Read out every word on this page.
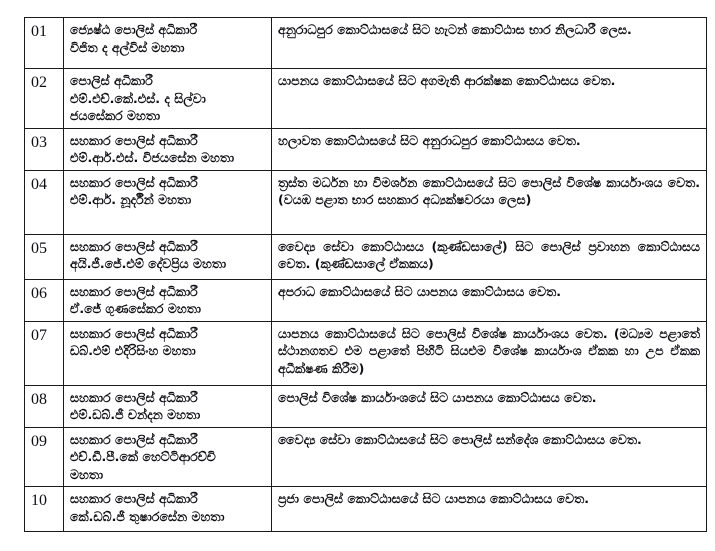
01	ජ්‍යෙෂ්ඨ පොලිස් අධිකාරී
විජිත ද අල්විස් මහතා	අනුරාධපුර කොට්ඨාසයේ සිට හැටන් කොට්ඨාස භාර නිලධාරී ලෙස.
02	පොලිස් අධිකාරී
එම්.එච්.කේ.එස්. ද සිල්වා
ජයසේකර මහතා	යාපනය කොට්ඨාසයේ සිට අගමැති ආරක්ෂක කොට්ඨාසය වෙත.
03	සහකාර පොලිස් අධිකාරී
එම්.ආර්.එස්. විජයසේන මහතා	හලාවත කොට්ඨාසයේ සිට අනුරාධපුර කොට්ඨාසය වෙත.
04	සහකාර පොලිස් අධිකාරී
එම්.ආර්. නූර්දීන් මහතා	ත්‍රස්ත මර්ධන හා විමර්ශන කොට්ඨාසයේ සිට පොලිස් විශේෂ කාර්යාංශය වෙත. (වයඹ පළාත භාර සහකාර අධ්‍යක්ෂවරයා ලෙස)
05	සහකාර පොලිස් අධිකාරී
අයි.ජී.ජේ.එම් දේවප්‍රිය මහතා	වෛද්‍ය සේවා කොට්ඨාසය (කුණ්ඩසාලේ) සිට පොලිස් ප්‍රවාහන කොට්ඨාසය වෙත. (කුණ්ඩසාලේ ඒකකය)
06	සහකාර පොලිස් අධිකාරී
ඒ.ජේ ගුණසේකර මහතා	අපරාධ කොට්ඨාසයේ සිට යාපනය කොට්ඨාසය වෙත.
07	සහකාර පොලිස් අධිකාරී
ඩබ්.එම් එදිරිසිංහ මහතා	යාපනය කොට්ඨාසයේ සිට පොලිස් විශේෂ කාර්යාංශය වෙත. (මධ්‍යම පළාතේ ස්ථානගතව එම පළාතේ පිහිටි සියළුම විශේෂ කාර්යාංශ ඒකක හා උප ඒකක අධීක්ෂණ කිරීම)
08	සහකාර පොලිස් අධිකාරී
එම්.ඩබ්.ජී චන්දන මහතා	පොලිස් විශේෂ කාර්යාංශයේ සිට යාපනය කොට්ඨාසය වෙත.
09	සහකාර පොලිස් අධිකාරී
එච්.ඩී.පී.කේ හෙට්ටිආරච්චි
මහතා	වෛද්‍ය සේවා කොට්ඨාසයේ සිට පොලිස් සන්දේශ කොට්ඨාසය වෙත.
10	සහකාර පොලිස් අධිකාරී
කේ.ඩබ්.ජී තුෂාරසේන මහතා	ප්‍රජා පොලිස් කොට්ඨාසයේ සිට යාපනය කොට්ඨාසය වෙත.
